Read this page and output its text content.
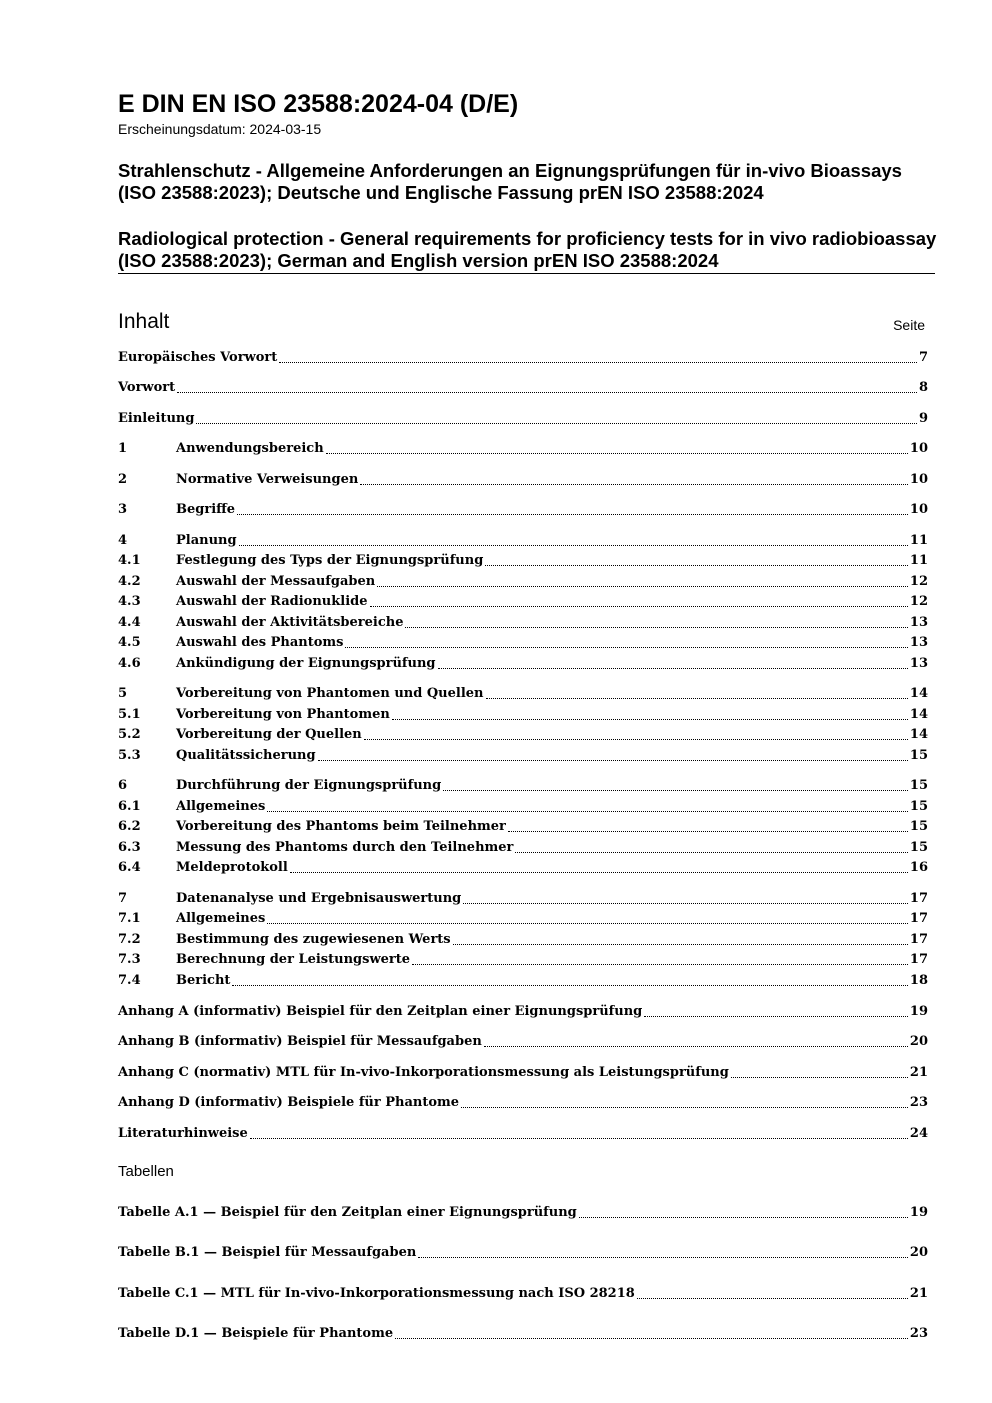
E DIN EN ISO 23588:2024-04 (D/E)
Erscheinungsdatum: 2024-03-15
Strahlenschutz - Allgemeine Anforderungen an Eignungsprüfungen für in-vivo Bioassays (ISO 23588:2023); Deutsche und Englische Fassung prEN ISO 23588:2024
Radiological protection - General requirements for proficiency tests for in vivo radiobioassay (ISO 23588:2023); German and English version prEN ISO 23588:2024
Inhalt	Seite
Europäisches Vorwort	7
Vorwort	8
Einleitung	9
1	Anwendungsbereich	10
2	Normative Verweisungen	10
3	Begriffe	10
4	Planung	11
4.1	Festlegung des Typs der Eignungsprüfung	11
4.2	Auswahl der Messaufgaben	12
4.3	Auswahl der Radionuklide	12
4.4	Auswahl der Aktivitätsbereiche	13
4.5	Auswahl des Phantoms	13
4.6	Ankündigung der Eignungsprüfung	13
5	Vorbereitung von Phantomen und Quellen	14
5.1	Vorbereitung von Phantomen	14
5.2	Vorbereitung der Quellen	14
5.3	Qualitätssicherung	15
6	Durchführung der Eignungsprüfung	15
6.1	Allgemeines	15
6.2	Vorbereitung des Phantoms beim Teilnehmer	15
6.3	Messung des Phantoms durch den Teilnehmer	15
6.4	Meldeprotokoll	16
7	Datenanalyse und Ergebnisauswertung	17
7.1	Allgemeines	17
7.2	Bestimmung des zugewiesenen Werts	17
7.3	Berechnung der Leistungswerte	17
7.4	Bericht	18
Anhang A (informativ) Beispiel für den Zeitplan einer Eignungsprüfung	19
Anhang B (informativ) Beispiel für Messaufgaben	20
Anhang C (normativ) MTL für In-vivo-Inkorporationsmessung als Leistungsprüfung	21
Anhang D (informativ) Beispiele für Phantome	23
Literaturhinweise	24
Tabellen
Tabelle A.1 — Beispiel für den Zeitplan einer Eignungsprüfung	19
Tabelle B.1 — Beispiel für Messaufgaben	20
Tabelle C.1 — MTL für In-vivo-Inkorporationsmessung nach ISO 28218	21
Tabelle D.1 — Beispiele für Phantome	23
